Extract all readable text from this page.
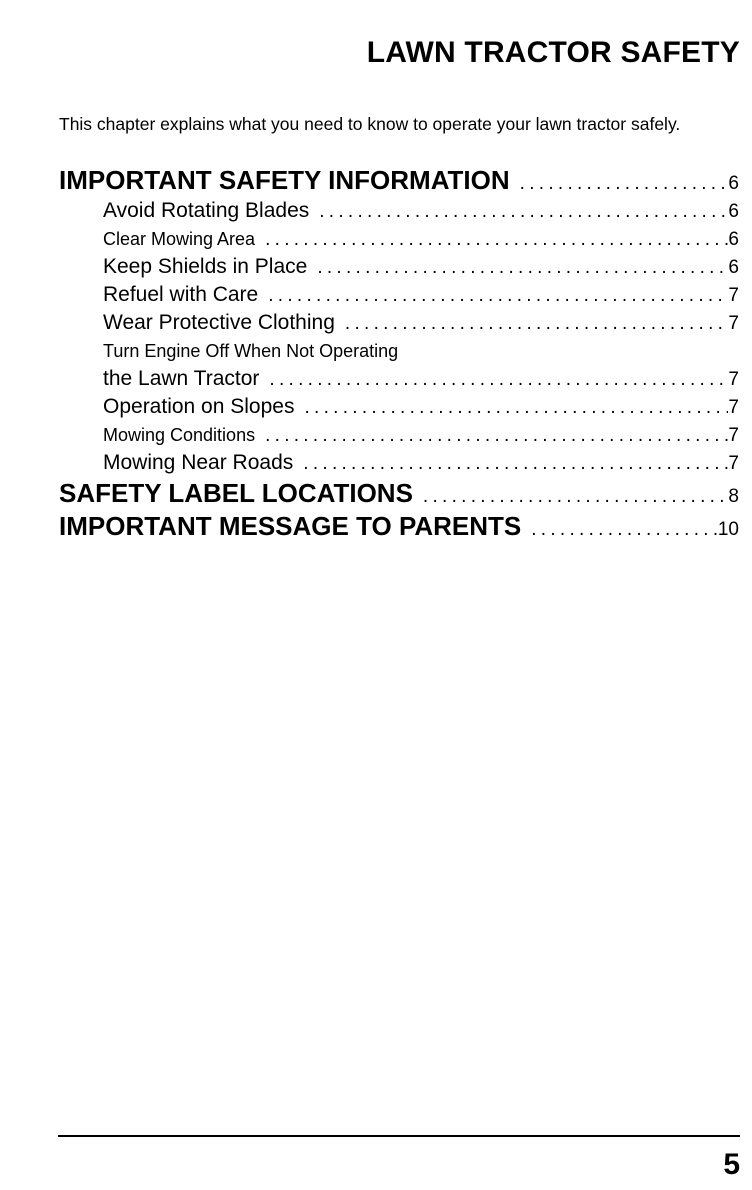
LAWN TRACTOR SAFETY
This chapter explains what you need to know to operate your lawn tractor safely.
IMPORTANT SAFETY INFORMATION . . .	6
Avoid Rotating Blades . . .	6
Clear Mowing Area . . .	6
Keep Shields in Place . . .	6
Refuel with Care . . .	7
Wear Protective Clothing . . .	7
Turn Engine Off When Not Operating
the Lawn Tractor . . .	7
Operation on Slopes . . .	7
Mowing Conditions . . .	7
Mowing Near Roads . . .	7
SAFETY LABEL LOCATIONS . . .	8
IMPORTANT MESSAGE TO PARENTS . . .	10
5
